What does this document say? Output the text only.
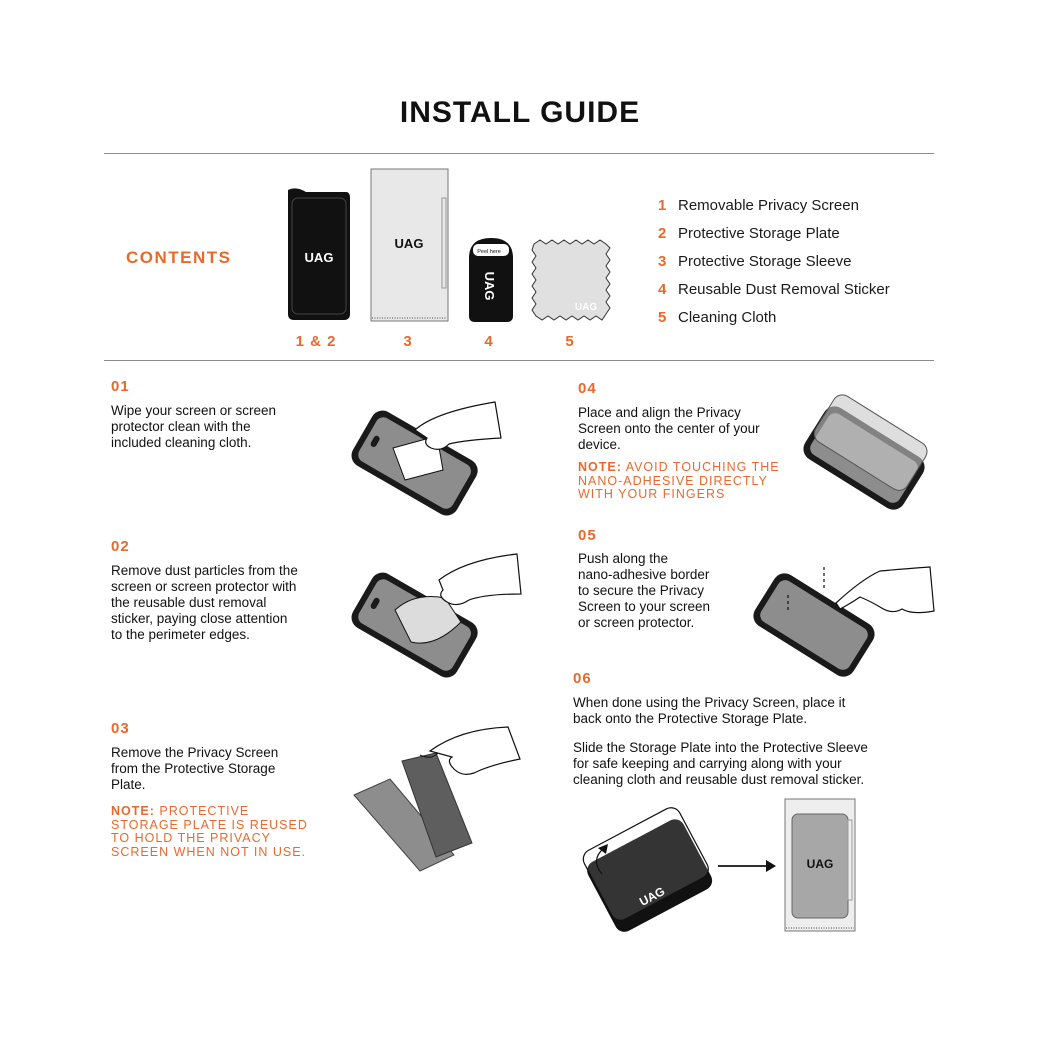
INSTALL GUIDE
CONTENTS	UAG
UAG
Peel here
UAG
UAG
1 & 2	3	4	5
1 Removable Privacy Screen
2 Protective Storage Plate
3 Protective Storage Sleeve
4 Reusable Dust Removal Sticker
5 Cleaning Cloth
01
Wipe your screen or screen
protector clean with the
included cleaning cloth.
02
Remove dust particles from the
screen or screen protector with
the reusable dust removal
sticker, paying close attention
to the perimeter edges.
03
Remove the Privacy Screen
from the Protective Storage
Plate.
NOTE: PROTECTIVE
STORAGE PLATE IS REUSED
TO HOLD THE PRIVACY
SCREEN WHEN NOT IN USE.
04
Place and align the Privacy
Screen onto the center of your
device.
NOTE: AVOID TOUCHING THE
NANO-ADHESIVE DIRECTLY
WITH YOUR FINGERS
05
Push along the
nano-adhesive border
to secure the Privacy
Screen to your screen
or screen protector.
06
When done using the Privacy Screen, place it
back onto the Protective Storage Plate.
Slide the Storage Plate into the Protective Sleeve
for safe keeping and carrying along with your
cleaning cloth and reusable dust removal sticker.
UAG
UAG
